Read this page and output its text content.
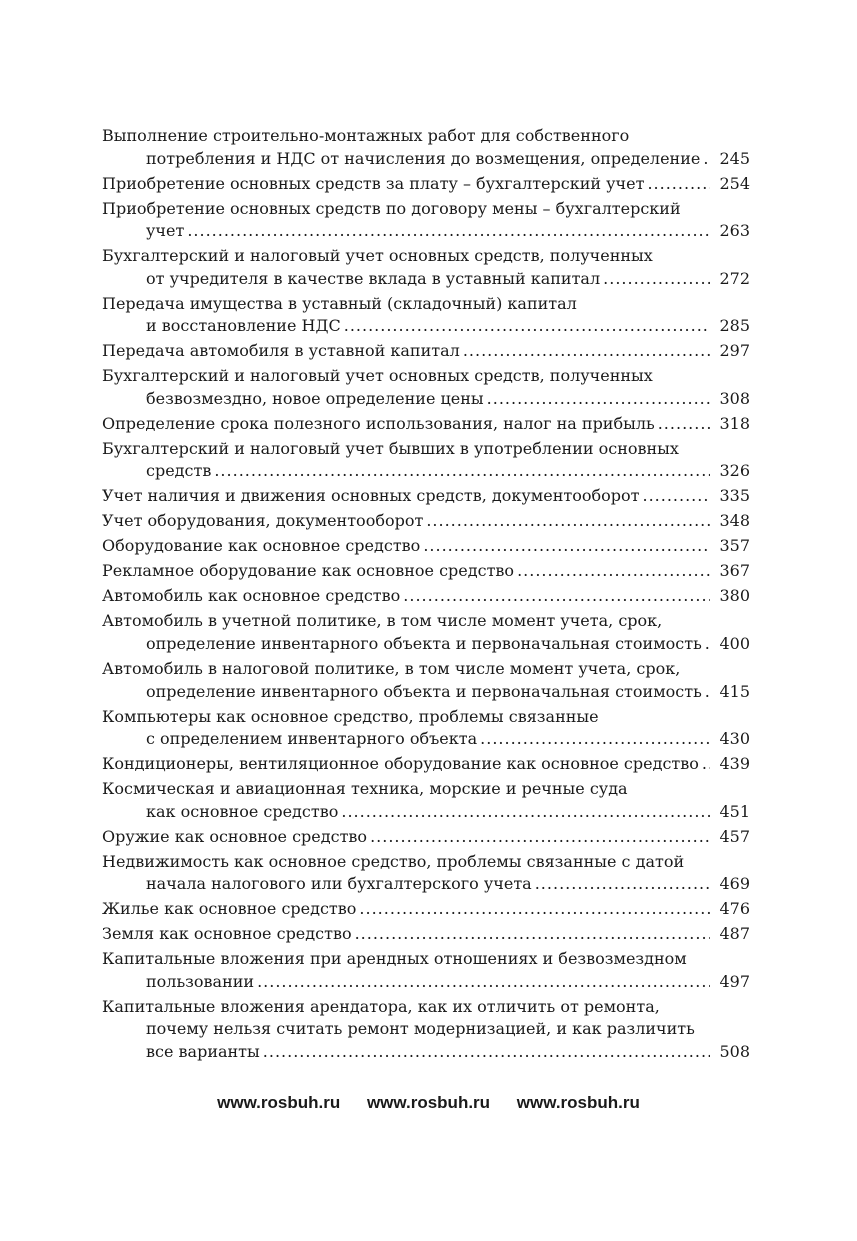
Выполнение строительно-монтажных работ для собственного
потребления и НДС от начисления до возмещения, определение ..... 245
Приобретение основных средств за плату – бухгалтерский учет .....	254
Приобретение основных средств по договору мены – бухгалтерский
учет .....	263
Бухгалтерский и налоговый учет основных средств, полученных
от учредителя в качестве вклада в уставный капитал .....	272
Передача имущества в уставный (складочный) капитал
и восстановление НДС .....	285
Передача автомобиля в уставной капитал .....	297
Бухгалтерский и налоговый учет основных средств, полученных
безвозмездно, новое определение цены .....	308
Определение срока полезного использования, налог на прибыль .....	318
Бухгалтерский и налоговый учет бывших в употреблении основных
средств .....	326
Учет наличия и движения основных средств, документооборот .....	335
Учет оборудования, документооборот .....	348
Оборудование как основное средство .....	357
Рекламное оборудование как основное средство .....	367
Автомобиль как основное средство .....	380
Автомобиль в учетной политике, в том числе момент учета, срок,
определение инвентарного объекта и первоначальная стоимость ..... 400
Автомобиль в налоговой политике, в том числе момент учета, срок,
определение инвентарного объекта и первоначальная стоимость ..... 415
Компьютеры как основное средство, проблемы связанные
с определением инвентарного объекта .....	430
Кондиционеры, вентиляционное оборудование как основное средство ..... 439
Космическая и авиационная техника, морские и речные суда
как основное средство .....	451
Оружие как основное средство .....	457
Недвижимость как основное средство, проблемы связанные с датой
начала налогового или бухгалтерского учета .....	469
Жилье как основное средство .....	476
Земля как основное средство .....	487
Капитальные вложения при арендных отношениях и безвозмездном
пользовании .....	497
Капитальные вложения арендатора, как их отличить от ремонта,
почему нельзя считать ремонт модернизацией, и как различить
все варианты .....	508
www.rosbuh.ru www.rosbuh.ru www.rosbuh.ru
